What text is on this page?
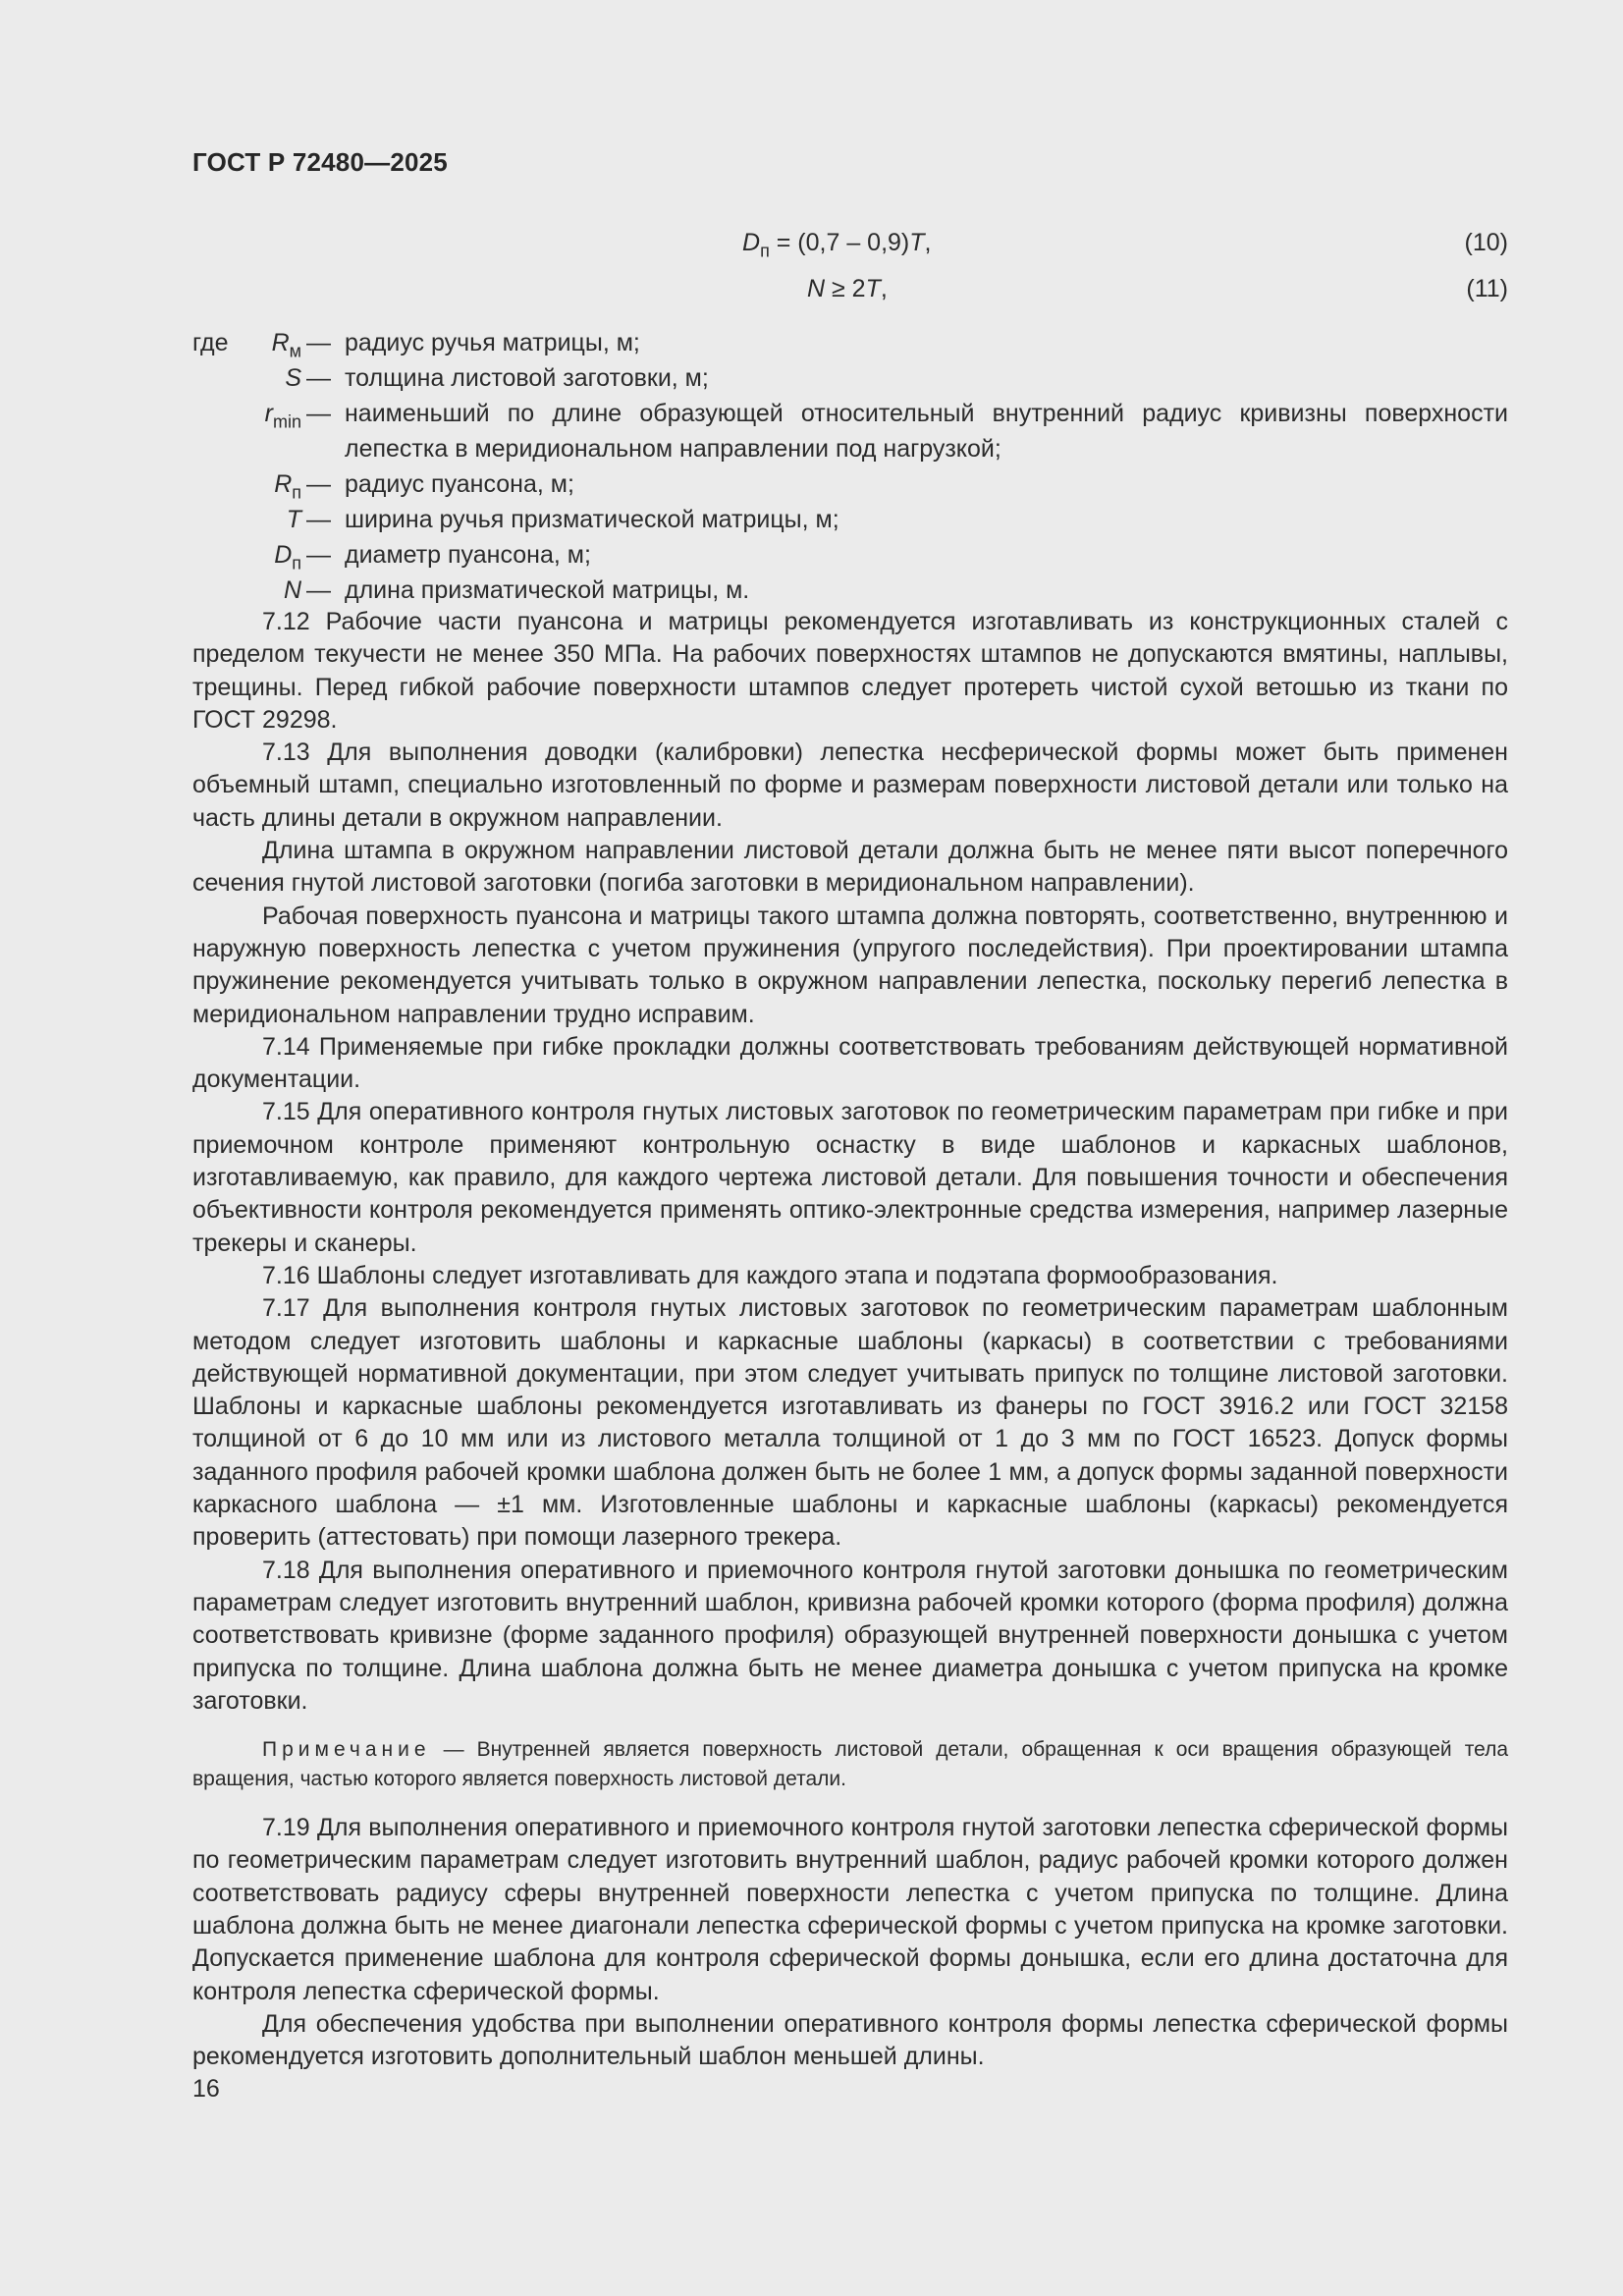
ГОСТ Р 72480—2025
$D_п = (0,7 - 0,9)T$,	(10)
N ≥ 2T,	(11)
где $R_м$ — радиус ручья матрицы, м;
S — толщина листовой заготовки, м;
$r_{min}$ — наименьший по длине образующей относительный внутренний радиус кривизны поверхности лепестка в меридиональном направлении под нагрузкой;
$R_п$ — радиус пуансона, м;
T — ширина ручья призматической матрицы, м;
$D_п$ — диаметр пуансона, м;
N — длина призматической матрицы, м.

7.12 Рабочие части пуансона и матрицы рекомендуется изготавливать из конструкционных сталей с пределом текучести не менее 350 МПа. На рабочих поверхностях штампов не допускаются вмятины, наплывы, трещины. Перед гибкой рабочие поверхности штампов следует протереть чистой сухой ветошью из ткани по ГОСТ 29298.

7.13 Для выполнения доводки (калибровки) лепестка несферической формы может быть применен объемный штамп, специально изготовленный по форме и размерам поверхности листовой детали или только на часть длины детали в окружном направлении.

Длина штампа в окружном направлении листовой детали должна быть не менее пяти высот поперечного сечения гнутой листовой заготовки (погиба заготовки в меридиональном направлении).

Рабочая поверхность пуансона и матрицы такого штампа должна повторять, соответственно, внутреннюю и наружную поверхность лепестка с учетом пружинения (упругого последействия). При проектировании штампа пружинение рекомендуется учитывать только в окружном направлении лепестка, поскольку перегиб лепестка в меридиональном направлении трудно исправим.

7.14 Применяемые при гибке прокладки должны соответствовать требованиям действующей нормативной документации.

7.15 Для оперативного контроля гнутых листовых заготовок по геометрическим параметрам при гибке и при приемочном контроле применяют контрольную оснастку в виде шаблонов и каркасных шаблонов, изготавливаемую, как правило, для каждого чертежа листовой детали. Для повышения точности и обеспечения объективности контроля рекомендуется применять оптико-электронные средства измерения, например лазерные трекеры и сканеры.

7.16 Шаблоны следует изготавливать для каждого этапа и подэтапа формообразования.

7.17 Для выполнения контроля гнутых листовых заготовок по геометрическим параметрам шаблонным методом следует изготовить шаблоны и каркасные шаблоны (каркасы) в соответствии с требованиями действующей нормативной документации, при этом следует учитывать припуск по толщине листовой заготовки. Шаблоны и каркасные шаблоны рекомендуется изготавливать из фанеры по ГОСТ 3916.2 или ГОСТ 32158 толщиной от 6 до 10 мм или из листового металла толщиной от 1 до 3 мм по ГОСТ 16523. Допуск формы заданного профиля рабочей кромки шаблона должен быть не более 1 мм, а допуск формы заданной поверхности каркасного шаблона — ±1 мм. Изготовленные шаблоны и каркасные шаблоны (каркасы) рекомендуется проверить (аттестовать) при помощи лазерного трекера.

7.18 Для выполнения оперативного и приемочного контроля гнутой заготовки донышка по геометрическим параметрам следует изготовить внутренний шаблон, кривизна рабочей кромки которого (форма профиля) должна соответствовать кривизне (форме заданного профиля) образующей внутренней поверхности донышка с учетом припуска по толщине. Длина шаблона должна быть не менее диаметра донышка с учетом припуска на кромке заготовки.

Примечание — Внутренней является поверхность листовой детали, обращенная к оси вращения образующей тела вращения, частью которого является поверхность листовой детали.

7.19 Для выполнения оперативного и приемочного контроля гнутой заготовки лепестка сферической формы по геометрическим параметрам следует изготовить внутренний шаблон, радиус рабочей кромки которого должен соответствовать радиусу сферы внутренней поверхности лепестка с учетом припуска по толщине. Длина шаблона должна быть не менее диагонали лепестка сферической формы с учетом припуска на кромке заготовки. Допускается применение шаблона для контроля сферической формы донышка, если его длина достаточна для контроля лепестка сферической формы.

Для обеспечения удобства при выполнении оперативного контроля формы лепестка сферической формы рекомендуется изготовить дополнительный шаблон меньшей длины.

16
